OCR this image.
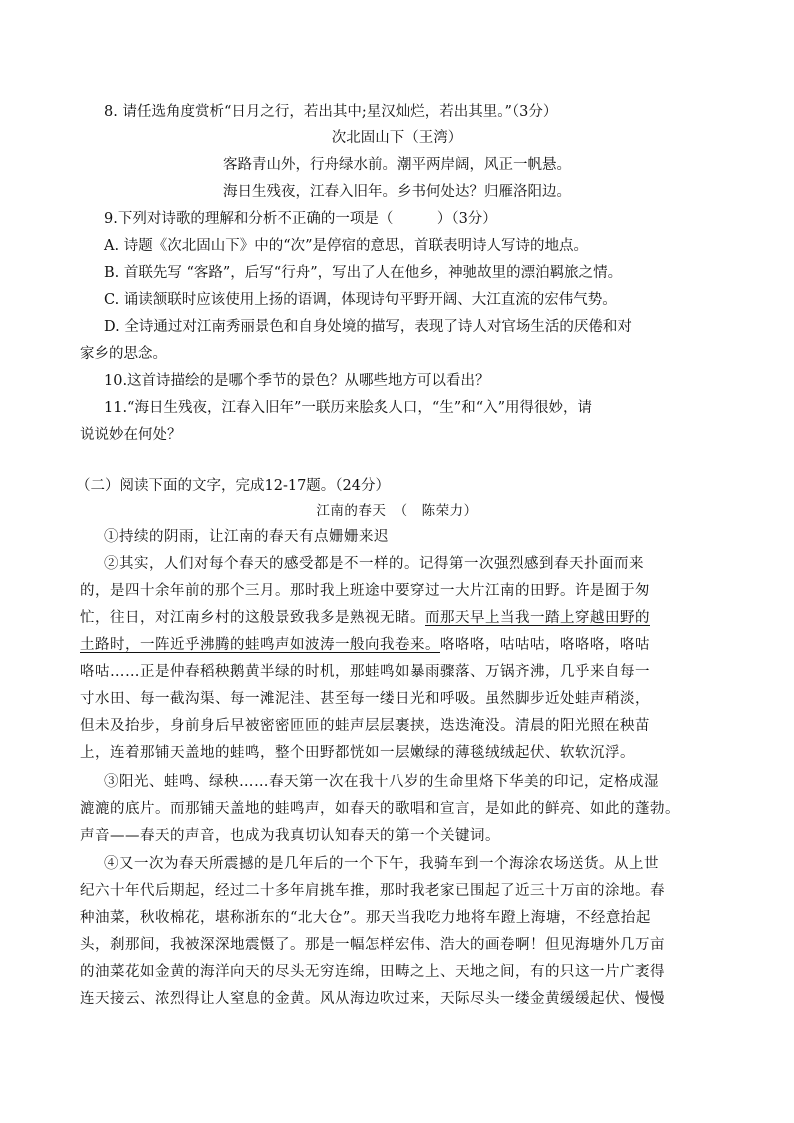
8. 请任选角度赏析“日月之行，若出其中;星汉灿烂，若出其里。”（3分）
次北固山下（王湾）
客路青山外，行舟绿水前。潮平两岸阔，风正一帆悬。
海日生残夜，江春入旧年。乡书何处达？归雁洛阳边。
9.下列对诗歌的理解和分析不正确的一项是（　　　）（3分）
A. 诗题《次北固山下》中的“次”是停宿的意思，首联表明诗人写诗的地点。
B. 首联先写 “客路”，后写“行舟”，写出了人在他乡，神驰故里的漂泊羁旅之情。
C. 诵读颔联时应该使用上扬的语调，体现诗句平野开阔、大江直流的宏伟气势。
D. 全诗通过对江南秀丽景色和自身处境的描写，表现了诗人对官场生活的厌倦和对
家乡的思念。
10.这首诗描绘的是哪个季节的景色？从哪些地方可以看出？
11.“海日生残夜，江春入旧年”一联历来脍炙人口，“生”和“入”用得很妙，请
说说妙在何处？
（二）阅读下面的文字，完成12-17题。（24分）
江南的春天　（　陈荣力）
①持续的阴雨，让江南的春天有点姗姗来迟
②其实，人们对每个春天的感受都是不一样的。记得第一次强烈感到春天扑面而来
的，是四十余年前的那个三月。那时我上班途中要穿过一大片江南的田野。许是囿于匆
忙，往日，对江南乡村的这般景致我多是熟视无睹。而那天早上当我一踏上穿越田野的
土路时，一阵近乎沸腾的蛙鸣声如波涛一般向我卷来。咯咯咯，咕咕咕，咯咯咯，咯咕
咯咕……正是仲春稻秧鹅黄半绿的时机，那蛙鸣如暴雨骤落、万锅齐沸，几乎来自每一
寸水田、每一截沟渠、每一滩泥洼、甚至每一缕日光和呼吸。虽然脚步近处蛙声稍淡，
但未及抬步，身前身后早被密密匝匝的蛙声层层裹挟，迭迭淹没。清晨的阳光照在秧苗
上，连着那铺天盖地的蛙鸣，整个田野都恍如一层嫩绿的薄毯绒绒起伏、软软沉浮。
③阳光、蛙鸣、绿秧……春天第一次在我十八岁的生命里烙下华美的印记，定格成湿
漉漉的底片。而那铺天盖地的蛙鸣声，如春天的歌唱和宣言，是如此的鲜亮、如此的蓬勃。
声音——春天的声音，也成为我真切认知春天的第一个关键词。
④又一次为春天所震撼的是几年后的一个下午，我骑车到一个海涂农场送货。从上世
纪六十年代后期起，经过二十多年肩挑车推，那时我老家已围起了近三十万亩的涂地。春
种油菜，秋收棉花，堪称浙东的“北大仓”。那天当我吃力地将车蹬上海塘，不经意抬起
头，刹那间，我被深深地震慑了。那是一幅怎样宏伟、浩大的画卷啊！但见海塘外几万亩
的油菜花如金黄的海洋向天的尽头无穷连绵，田畴之上、天地之间，有的只这一片广袤得
连天接云、浓烈得让人窒息的金黄。风从海边吹过来，天际尽头一缕金黄缓缓起伏、慢慢
